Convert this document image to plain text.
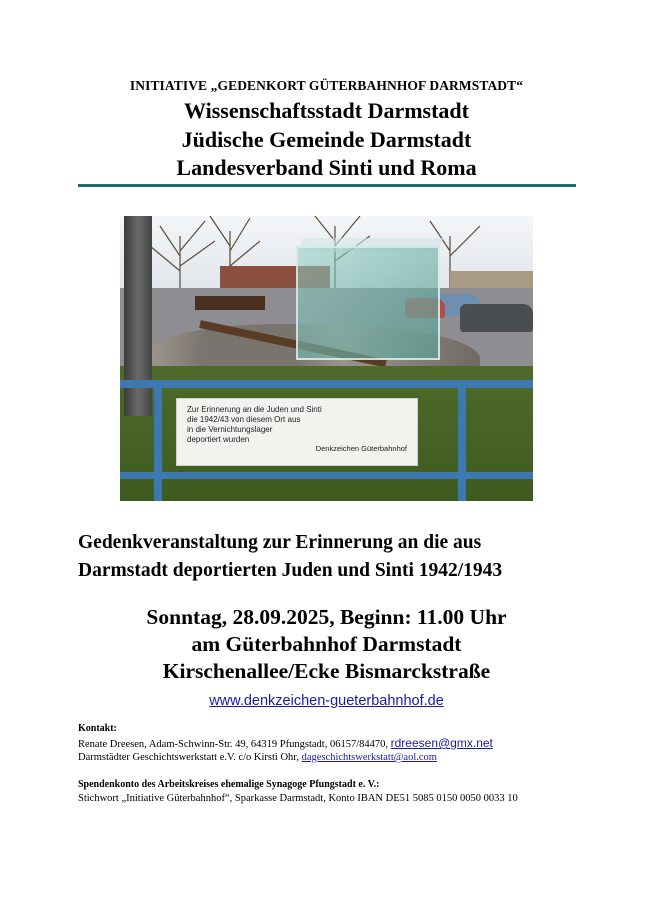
INITIATIVE „GEDENKORT GÜTERBAHNHOF DARMSTADT“
Wissenschaftsstadt Darmstadt
Jüdische Gemeinde Darmstadt
Landesverband Sinti und Roma
Zur Erinnerung an die Juden und Sinti
die 1942/43 von diesem Ort aus
in die Vernichtungslager
deportiert wurden
Denkzeichen Güterbahnhof
Gedenkveranstaltung zur Erinnerung an die aus
Darmstadt deportierten Juden und Sinti 1942/1943
Sonntag, 28.09.2025, Beginn: 11.00 Uhr
am Güterbahnhof Darmstadt
Kirschenallee/Ecke Bismarckstraße
www.denkzeichen-gueterbahnhof.de
Kontakt:
Renate Dreesen, Adam-Schwinn-Str. 49, 64319 Pfungstadt, 06157/84470, rdreesen@gmx.net
Darmstädter Geschichtswerkstatt e.V. c/o Kirsti Ohr, dageschichtswerkstatt@aol.com
Spendenkonto des Arbeitskreises ehemalige Synagoge Pfungstadt e. V.:
Stichwort „Initiative Güterbahnhof“, Sparkasse Darmstadt, Konto IBAN DE51 5085 0150 0050 0033 10
